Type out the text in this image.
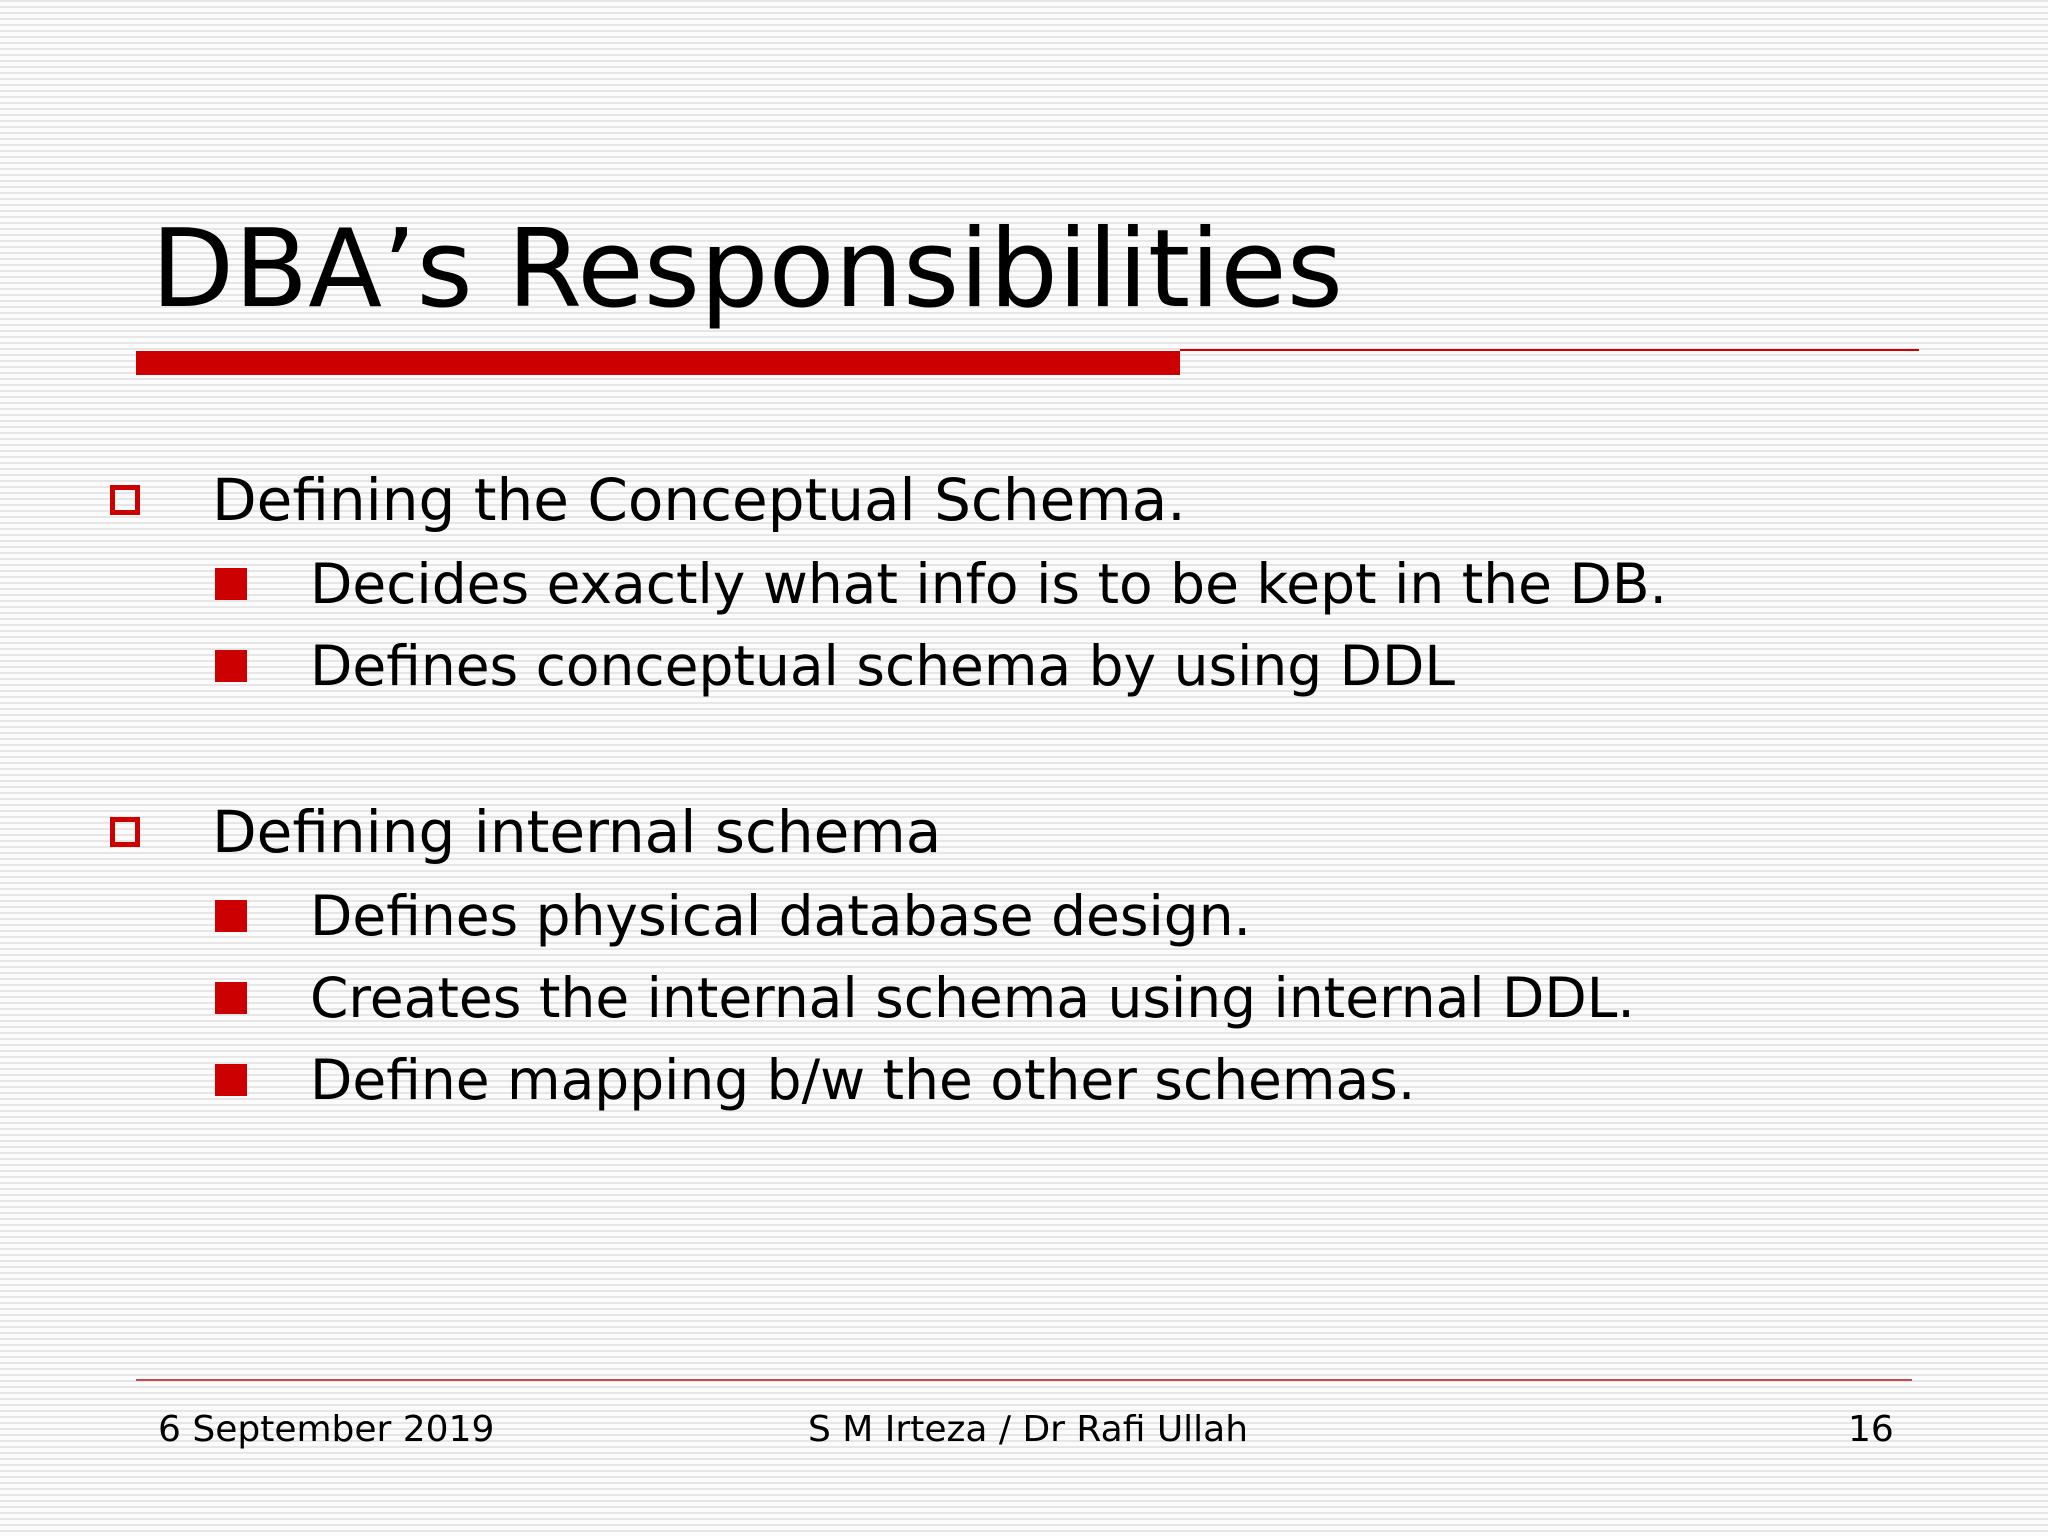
DBA’s Responsibilities
Defining the Conceptual Schema.
Decides exactly what info is to be kept in the DB.
Defines conceptual schema by using DDL
Defining internal schema
Defines physical database design.
Creates the internal schema using internal DDL.
Define mapping b/w the other schemas.
6 September 2019	S M Irteza / Dr Rafi Ullah	16
